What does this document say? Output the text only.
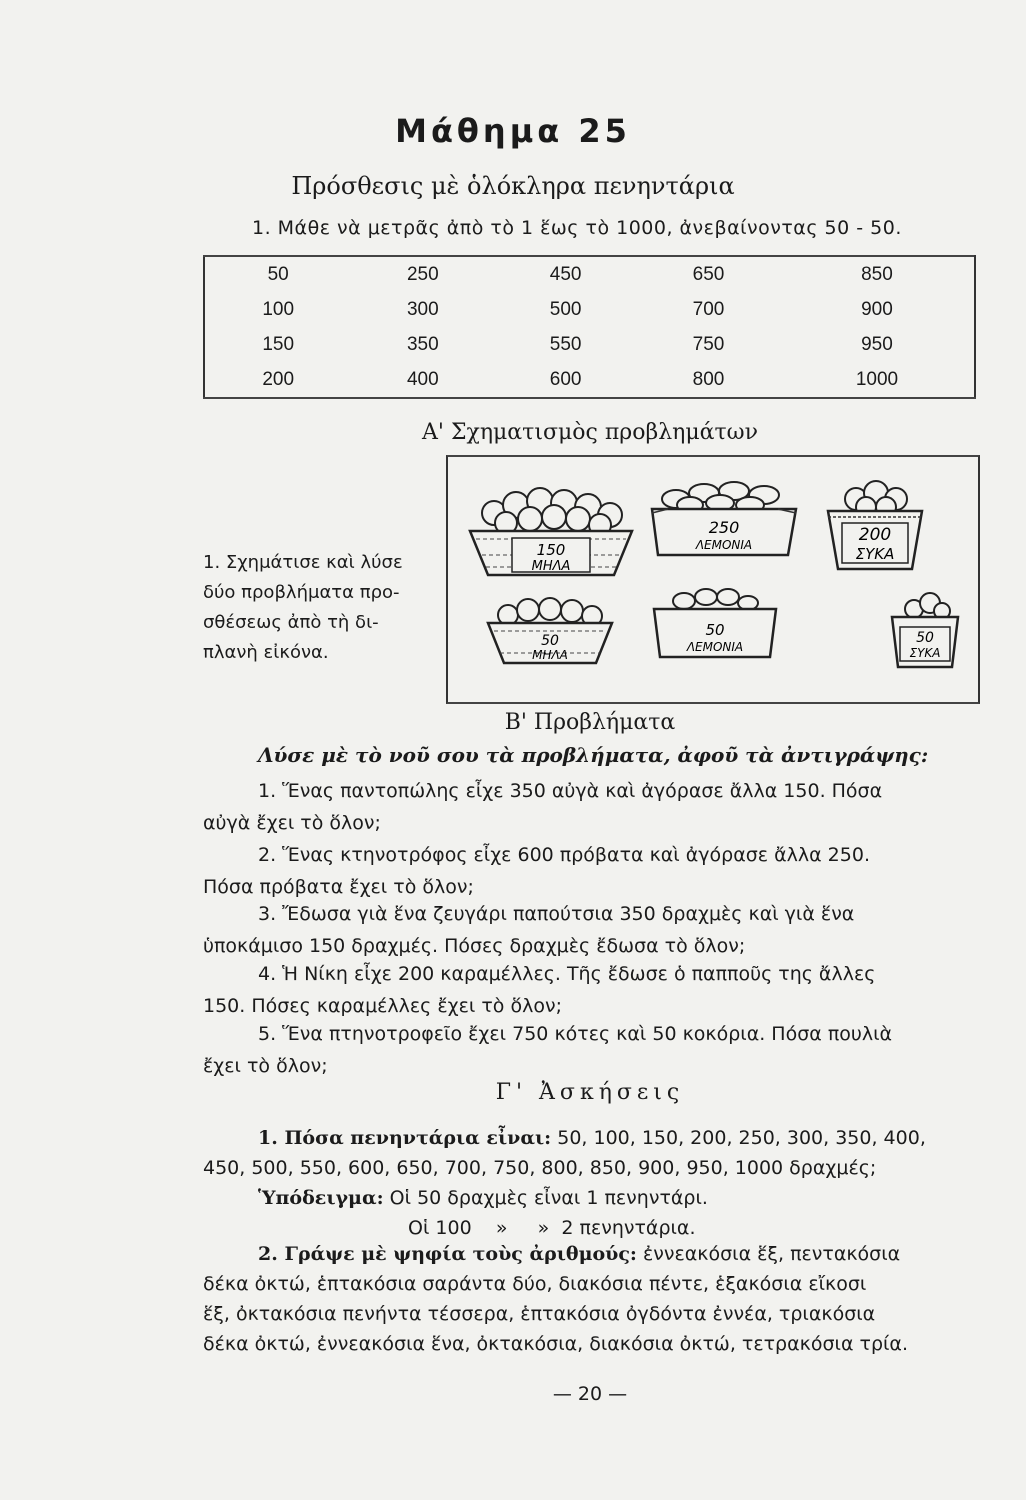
Μάθημα 25
Πρόσθεσις μὲ ὁλόκληρα πενηντάρια
1. Μάθε νὰ μετρᾶς ἀπὸ τὸ 1 ἕως τὸ 1000, ἀνεβαίνοντας 50 - 50.
50	250	450	650	850
100	300	500	700	900
150	350	550	750	950
200	400	600	800	1000
Α' Σχηματισμὸς προβλημάτων
1. Σχημάτισε καὶ λύσε
δύο προβλήματα προ-
σθέσεως ἀπὸ τὴ δι-
πλανὴ εἰκόνα.
150
ΜΗΛΑ
250
ΛΕΜΟΝΙΑ	200
ΣΥΚΑ
50
ΜΗΛΑ
50
ΛΕΜΟΝΙΑ
50
ΣΥΚΑ
Β' Προβλήματα
Λύσε μὲ τὸ νοῦ σου τὰ προβλήματα, ἀφοῦ τὰ ἀντιγράψης:
1. Ἕνας παντοπώλης εἶχε 350 αὐγὰ καὶ ἀγόρασε ἄλλα 150. Πόσα
αὐγὰ ἔχει τὸ ὅλον;
2. Ἕνας κτηνοτρόφος εἶχε 600 πρόβατα καὶ ἀγόρασε ἄλλα 250.
Πόσα πρόβατα ἔχει τὸ ὅλον;
3. Ἔδωσα γιὰ ἕνα ζευγάρι παπούτσια 350 δραχμὲς καὶ γιὰ ἕνα
ὑποκάμισο 150 δραχμές. Πόσες δραχμὲς ἔδωσα τὸ ὅλον;
4. Ἡ Νίκη εἶχε 200 καραμέλλες. Τῆς ἔδωσε ὁ παπποῦς της ἄλλες
150. Πόσες καραμέλλες ἔχει τὸ ὅλον;
5. Ἕνα πτηνοτροφεῖο ἔχει 750 κότες καὶ 50 κοκόρια. Πόσα πουλιὰ
ἔχει τὸ ὅλον;
Γ' Ἀσκήσεις
1. Πόσα πενηντάρια εἶναι: 50, 100, 150, 200, 250, 300, 350, 400,
450, 500, 550, 600, 650, 700, 750, 800, 850, 900, 950, 1000 δραχμές;
Ὑπόδειγμα: Οἱ 50 δραχμὲς εἶναι 1 πενηντάρι.
Οἱ 100    »     »  2 πενηντάρια.
2. Γράψε μὲ ψηφία τοὺς ἀριθμούς: ἐννεακόσια ἕξ, πεντακόσια
δέκα ὀκτώ, ἑπτακόσια σαράντα δύο, διακόσια πέντε, ἑξακόσια εἴκοσι
ἕξ, ὀκτακόσια πενήντα τέσσερα, ἑπτακόσια ὀγδόντα ἐννέα, τριακόσια
δέκα ὀκτώ, ἐννεακόσια ἕνα, ὀκτακόσια, διακόσια ὀκτώ, τετρακόσια τρία.
— 20 —
